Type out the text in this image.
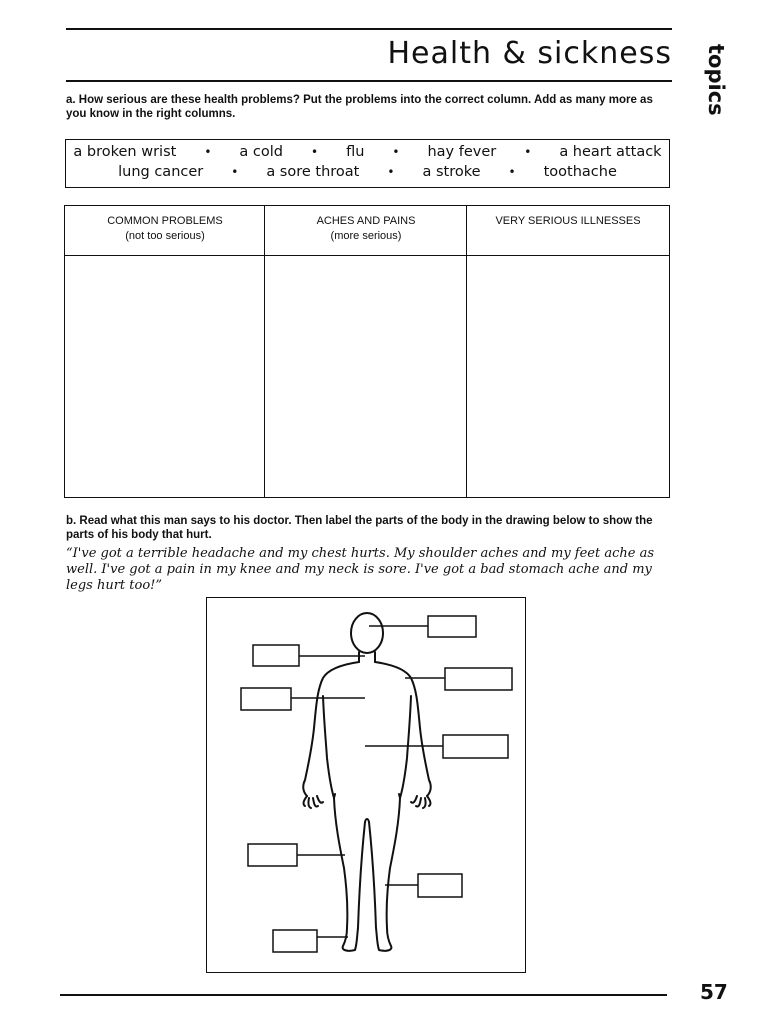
Health & sickness topics
a. How serious are these health problems? Put the problems into the correct column. Add as many more as you know in the right columns.
a broken wrist • a cold • flu • hay fever • a heart attack
lung cancer • a sore throat • a stroke • toothache
COMMON PROBLEMS
(not too serious)
ACHES AND PAINS
(more serious)
VERY SERIOUS ILLNESSES
b. Read what this man says to his doctor. Then label the parts of the body in the drawing below to show the parts of his body that hurt.
“I've got a terrible headache and my chest hurts. My shoulder aches and my feet ache as well. I've got a pain in my knee and my neck is sore. I've got a bad stomach ache and my legs hurt too!”
57
